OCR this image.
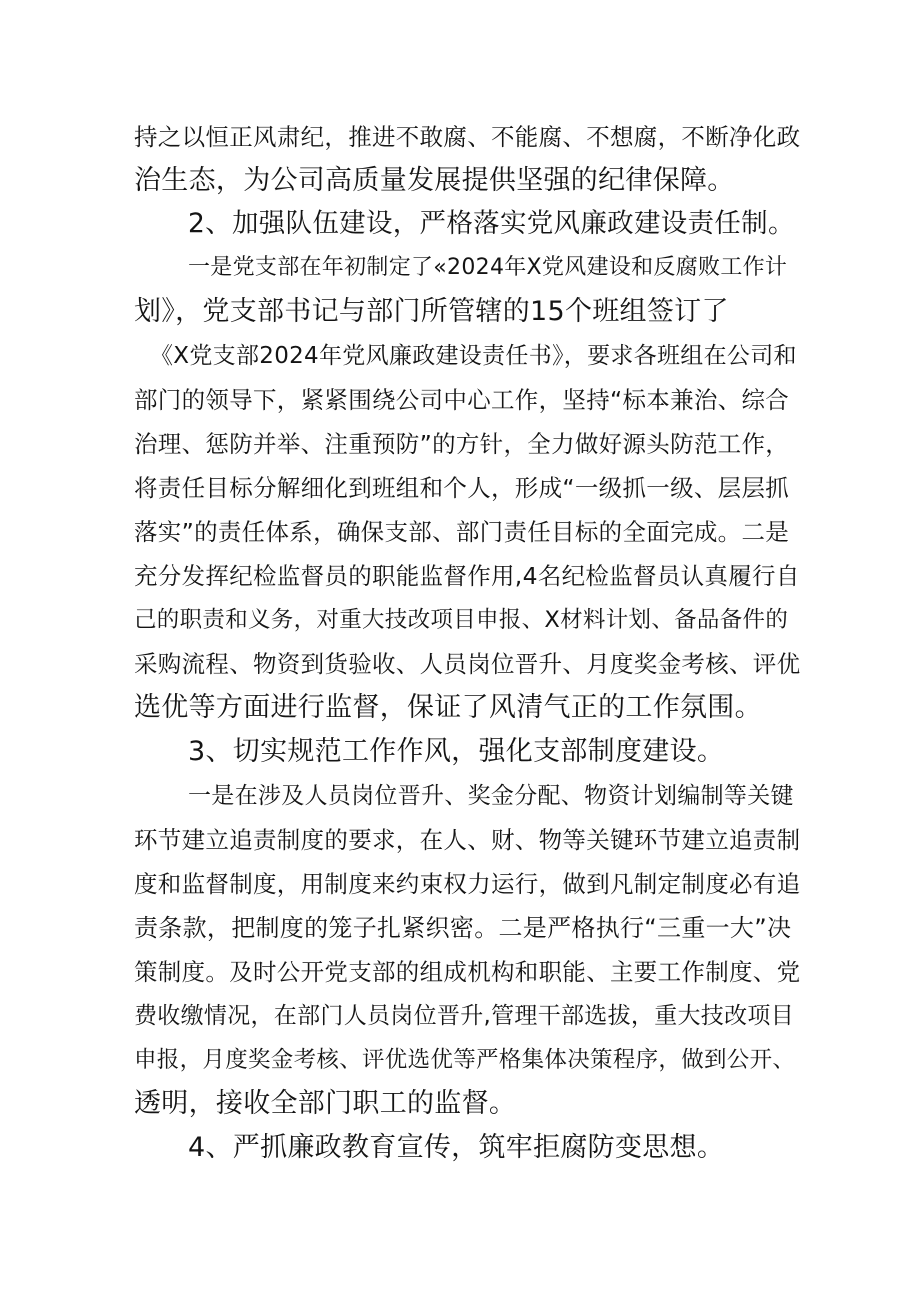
持之以恒正风肃纪，推进不敢腐、不能腐、不想腐，不断净化政

治生态，为公司高质量发展提供坚强的纪律保障。

2、加强队伍建设，严格落实党风廉政建设责任制。

一是党支部在年初制定了«2024年X党风建设和反腐败工作计

划》，党支部书记与部门所管辖的15个班组签订了

《X党支部2024年党风廉政建设责任书》，要求各班组在公司和

部门的领导下，紧紧围绕公司中心工作，坚持“标本兼治、综合

治理、惩防并举、注重预防”的方针，全力做好源头防范工作，

将责任目标分解细化到班组和个人，形成“一级抓一级、层层抓

落实”的责任体系，确保支部、部门责任目标的全面完成。二是

充分发挥纪检监督员的职能监督作用,4名纪检监督员认真履行自

己的职责和义务，对重大技改项目申报、X材料计划、备品备件的

采购流程、物资到货验收、人员岗位晋升、月度奖金考核、评优

选优等方面进行监督，保证了风清气正的工作氛围。

3、切实规范工作作风，强化支部制度建设。

一是在涉及人员岗位晋升、奖金分配、物资计划编制等关键

环节建立追责制度的要求，在人、财、物等关键环节建立追责制

度和监督制度，用制度来约束权力运行，做到凡制定制度必有追

责条款，把制度的笼子扎紧织密。二是严格执行“三重一大”决

策制度。及时公开党支部的组成机构和职能、主要工作制度、党

费收缴情况，在部门人员岗位晋升,管理干部选拔，重大技改项目

申报，月度奖金考核、评优选优等严格集体决策程序，做到公开、

透明，接收全部门职工的监督。

4、严抓廉政教育宣传，筑牢拒腐防变思想。
